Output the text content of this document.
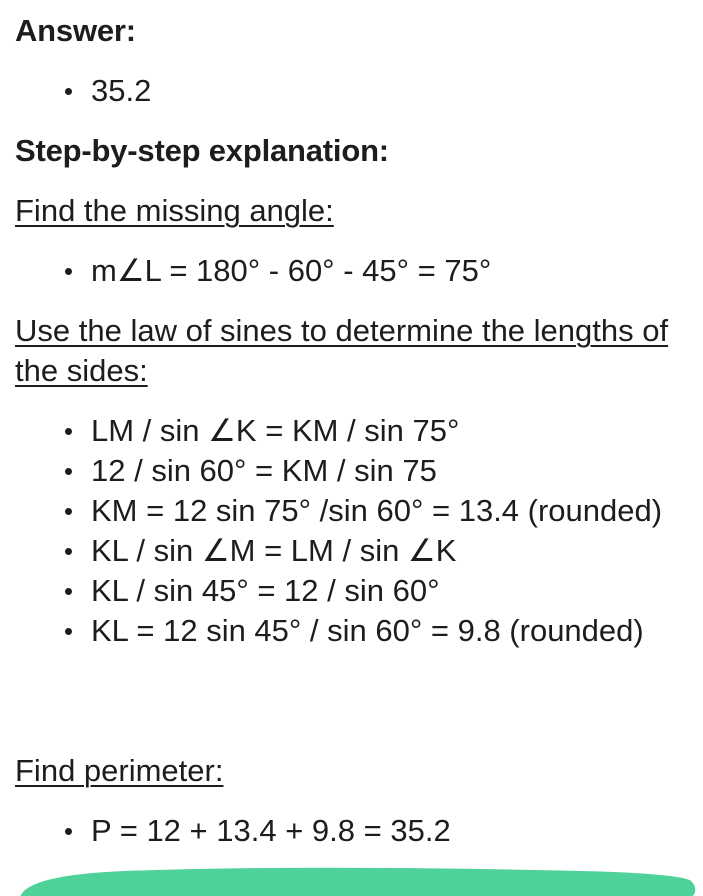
Answer:

35.2

Step-by-step explanation:

Find the missing angle:

m∠L = 180° - 60° - 45° = 75°

Use the law of sines to determine the lengths of the sides:

LM / sin ∠K = KM / sin 75°
12 / sin 60° = KM / sin 75
KM = 12 sin 75° /sin 60° = 13.4 (rounded)
KL / sin ∠M = LM / sin ∠K
KL / sin 45° = 12 / sin 60°
KL = 12 sin 45° / sin 60° = 9.8 (rounded)

Find perimeter:

P = 12 + 13.4 + 9.8 = 35.2
